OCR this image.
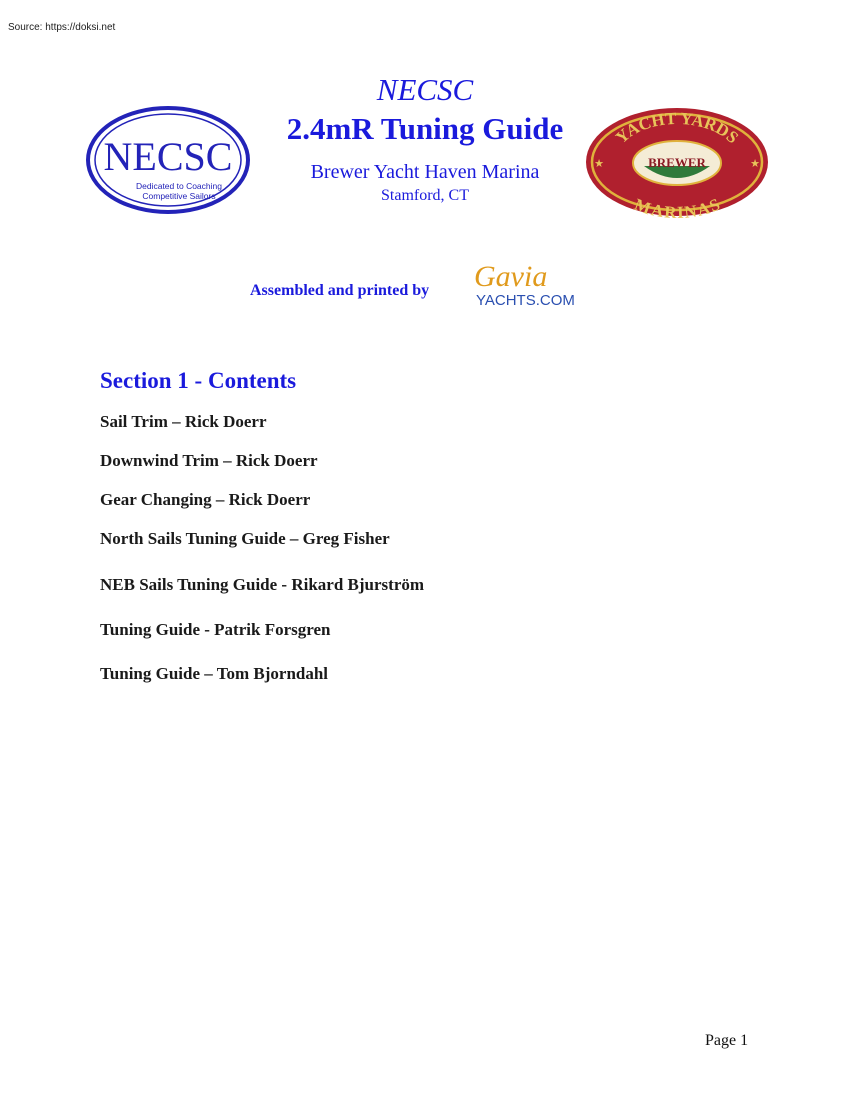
Source: https://doksi.net
NECSC
Dedicated to Coaching
Competitive Sailors
NECSC
2.4mR Tuning Guide
Brewer Yacht Haven Marina
Stamford, CT
YACHT YARDS
MARINAS
BREWER
★	★
Assembled and printed by Gavia
YACHTS.COM
Section 1 - Contents
Sail Trim – Rick Doerr
Downwind Trim – Rick Doerr
Gear Changing – Rick Doerr
North Sails Tuning Guide – Greg Fisher
NEB Sails Tuning Guide - Rikard Bjurström
Tuning Guide - Patrik Forsgren
Tuning Guide – Tom Bjorndahl
Page 1
